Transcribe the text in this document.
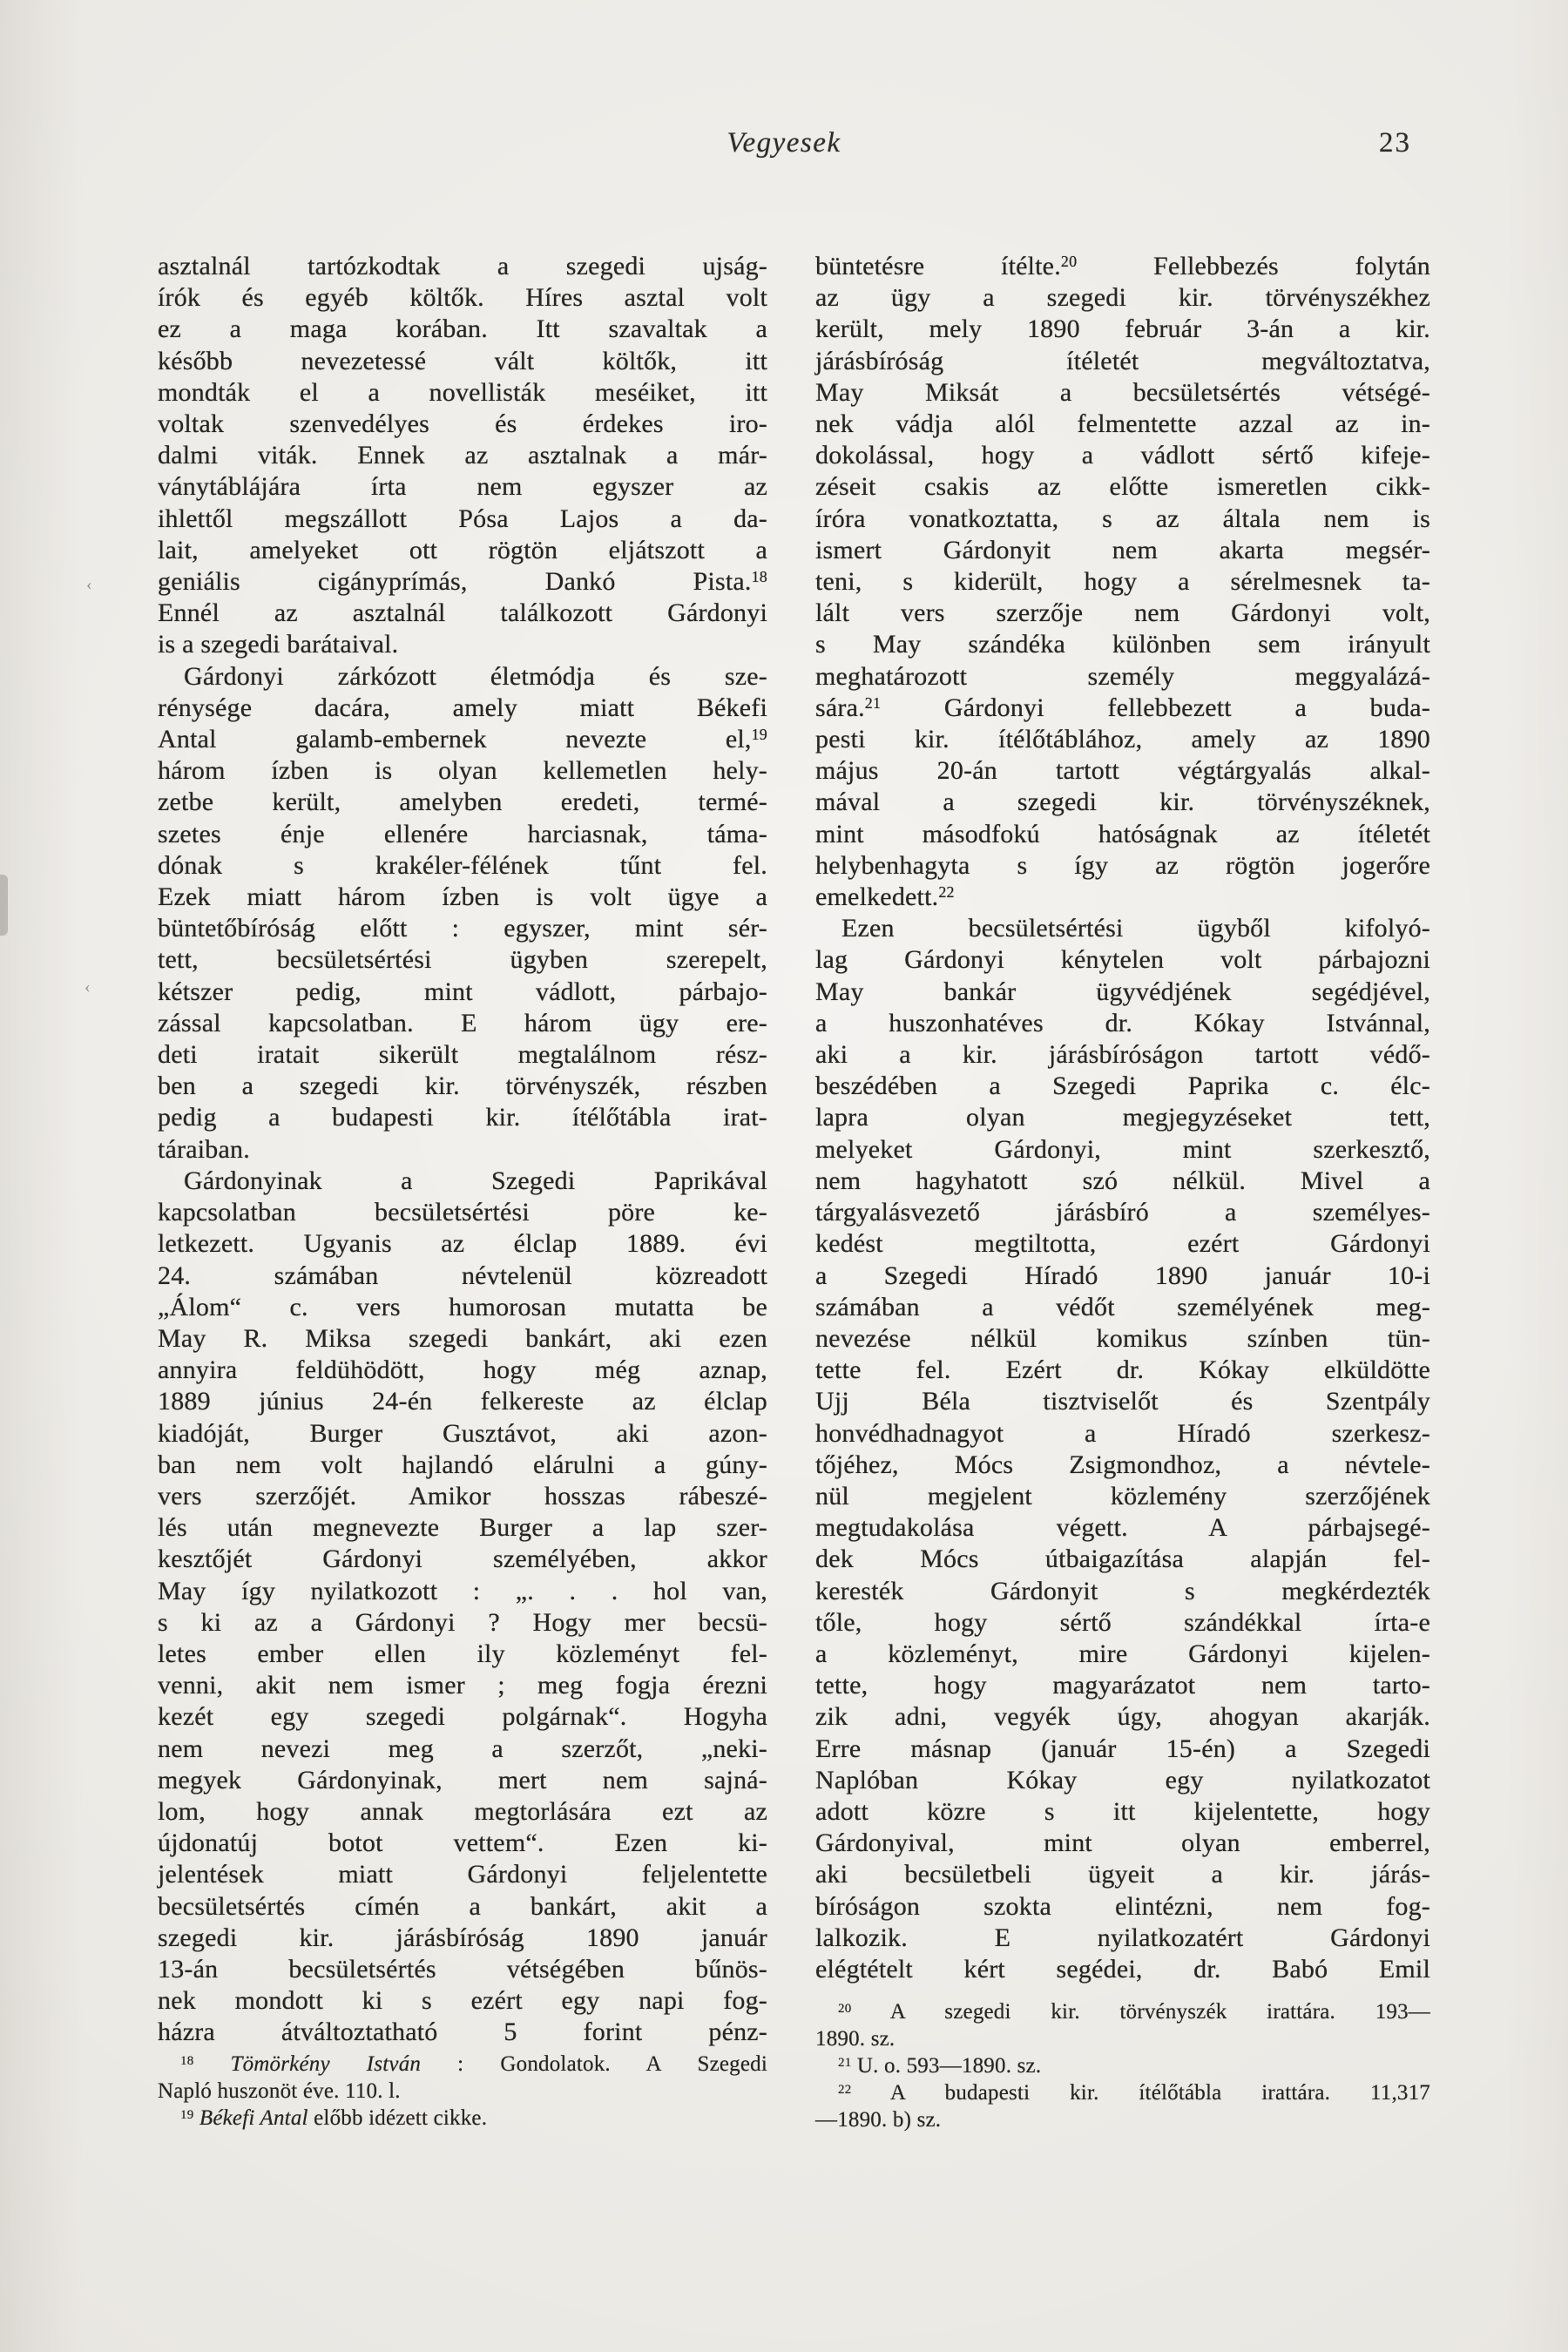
Vegyesek	23
asztalnál tartózkodtak a szegedi ujság-
írók és egyéb költők. Híres asztal volt
ez a maga korában. Itt szavaltak a
később nevezetessé vált költők, itt
mondták el a novellisták meséiket, itt
voltak szenvedélyes és érdekes iro-
dalmi viták. Ennek az asztalnak a már-
ványtáblájára írta nem egyszer az
ihlettől megszállott Pósa Lajos a da-
lait, amelyeket ott rögtön eljátszott a
geniális cigányprímás, Dankó Pista.$^{18}$
Ennél az asztalnál találkozott Gárdonyi
is a szegedi barátaival.
Gárdonyi zárkózott életmódja és sze-
rénysége dacára, amely miatt Békefi
Antal galamb-embernek nevezte el,$^{19}$
három ízben is olyan kellemetlen hely-
zetbe került, amelyben eredeti, termé-
szetes énje ellenére harciasnak, táma-
dónak s krakéler-félének tűnt fel.
Ezek miatt három ízben is volt ügye a
büntetőbíróság előtt : egyszer, mint sér-
tett, becsületsértési ügyben szerepelt,
kétszer pedig, mint vádlott, párbajo-
zással kapcsolatban. E három ügy ere-
deti iratait sikerült megtalálnom rész-
ben a szegedi kir. törvényszék, részben
pedig a budapesti kir. ítélőtábla irat-
táraiban.
Gárdonyinak a Szegedi Paprikával
kapcsolatban becsületsértési pöre ke-
letkezett. Ugyanis az élclap 1889. évi
24. számában névtelenül közreadott
„Álom“ c. vers humorosan mutatta be
May R. Miksa szegedi bankárt, aki ezen
annyira feldühödött, hogy még aznap,
1889 június 24-én felkereste az élclap
kiadóját, Burger Gusztávot, aki azon-
ban nem volt hajlandó elárulni a gúny-
vers szerzőjét. Amikor hosszas rábeszé-
lés után megnevezte Burger a lap szer-
kesztőjét Gárdonyi személyében, akkor
May így nyilatkozott : „. . . hol van,
s ki az a Gárdonyi ? Hogy mer becsü-
letes ember ellen ily közleményt fel-
venni, akit nem ismer ; meg fogja érezni
kezét egy szegedi polgárnak“. Hogyha
nem nevezi meg a szerzőt, „neki-
megyek Gárdonyinak, mert nem sajná-
lom, hogy annak megtorlására ezt az
újdonatúj botot vettem“. Ezen ki-
jelentések miatt Gárdonyi feljelentette
becsületsértés címén a bankárt, akit a
szegedi kir. járásbíróság 1890 január
13-án becsületsértés vétségében bűnös-
nek mondott ki s ezért egy napi fog-
házra átváltoztatható 5 forint pénz-
büntetésre ítélte.$^{20}$ Fellebbezés folytán
az ügy a szegedi kir. törvényszékhez
került, mely 1890 február 3-án a kir.
járásbíróság ítéletét megváltoztatva,
May Miksát a becsületsértés vétségé-
nek vádja alól felmentette azzal az in-
dokolással, hogy a vádlott sértő kifeje-
zéseit csakis az előtte ismeretlen cikk-
íróra vonatkoztatta, s az általa nem is
ismert Gárdonyit nem akarta megsér-
teni, s kiderült, hogy a sérelmesnek ta-
lált vers szerzője nem Gárdonyi volt,
s May szándéka különben sem irányult
meghatározott személy meggyalázá-
sára.$^{21}$ Gárdonyi fellebbezett a buda-
pesti kir. ítélőtáblához, amely az 1890
május 20-án tartott végtárgyalás alkal-
mával a szegedi kir. törvényszéknek,
mint másodfokú hatóságnak az ítéletét
helybenhagyta s így az rögtön jogerőre
emelkedett.$^{22}$
Ezen becsületsértési ügyből kifolyó-
lag Gárdonyi kénytelen volt párbajozni
May bankár ügyvédjének segédjével,
a huszonhatéves dr. Kókay Istvánnal,
aki a kir. járásbíróságon tartott védő-
beszédében a Szegedi Paprika c. élc-
lapra olyan megjegyzéseket tett,
melyeket Gárdonyi, mint szerkesztő,
nem hagyhatott szó nélkül. Mivel a
tárgyalásvezető járásbíró a személyes-
kedést megtiltotta, ezért Gárdonyi
a Szegedi Híradó 1890 január 10-i
számában a védőt személyének meg-
nevezése nélkül komikus színben tün-
tette fel. Ezért dr. Kókay elküldötte
Ujj Béla tisztviselőt és Szentpály
honvédhadnagyot a Híradó szerkesz-
tőjéhez, Mócs Zsigmondhoz, a névtele-
nül megjelent közlemény szerzőjének
megtudakolása végett. A párbajsegé-
dek Mócs útbaigazítása alapján fel-
keresték Gárdonyit s megkérdezték
tőle, hogy sértő szándékkal írta-e
a közleményt, mire Gárdonyi kijelen-
tette, hogy magyarázatot nem tarto-
zik adni, vegyék úgy, ahogyan akarják.
Erre másnap (január 15-én) a Szegedi
Naplóban Kókay egy nyilatkozatot
adott közre s itt kijelentette, hogy
Gárdonyival, mint olyan emberrel,
aki becsületbeli ügyeit a kir. járás-
bíróságon szokta elintézni, nem fog-
lalkozik. E nyilatkozatért Gárdonyi
elégtételt kért segédei, dr. Babó Emil
$^{18}$ Tömörkény István : Gondolatok. A Szegedi
Napló huszonöt éve. 110. l.
$^{19}$ Békefi Antal előbb idézett cikke.
$^{20}$ A szegedi kir. törvényszék irattára. 193—
1890. sz.
$^{21}$ U. o. 593—1890. sz.
$^{22}$ A budapesti kir. ítélőtábla irattára. 11,317
—1890. b) sz.
‹
‹
